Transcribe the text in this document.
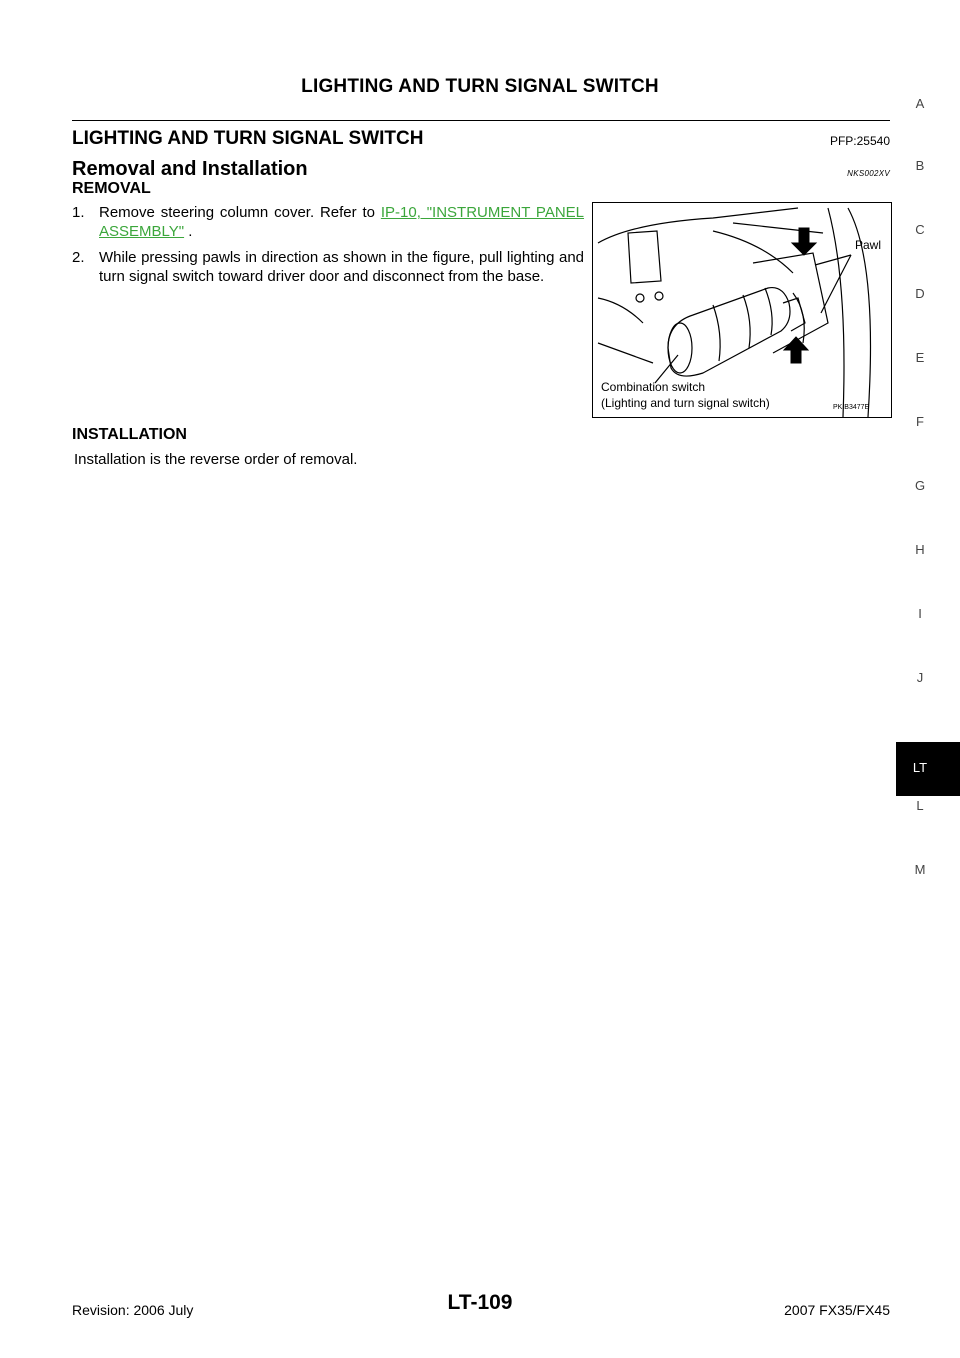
LIGHTING AND TURN SIGNAL SWITCH
LIGHTING AND TURN SIGNAL SWITCH	PFP:25540
Removal and Installation	NKS002XV
REMOVAL
1. Remove steering column cover. Refer to IP-10, "INSTRUMENT PANEL ASSEMBLY" .
2. While pressing pawls in direction as shown in the figure, pull lighting and turn signal switch toward driver door and disconnect from the base.
Pawl
Combination switch
(Lighting and turn signal switch)	PKIB3477E
INSTALLATION
Installation is the reverse order of removal.
A
B
C
D
E
F
G
H
I
J
L
M
LT
Revision: 2006 July	LT-109	2007 FX35/FX45
